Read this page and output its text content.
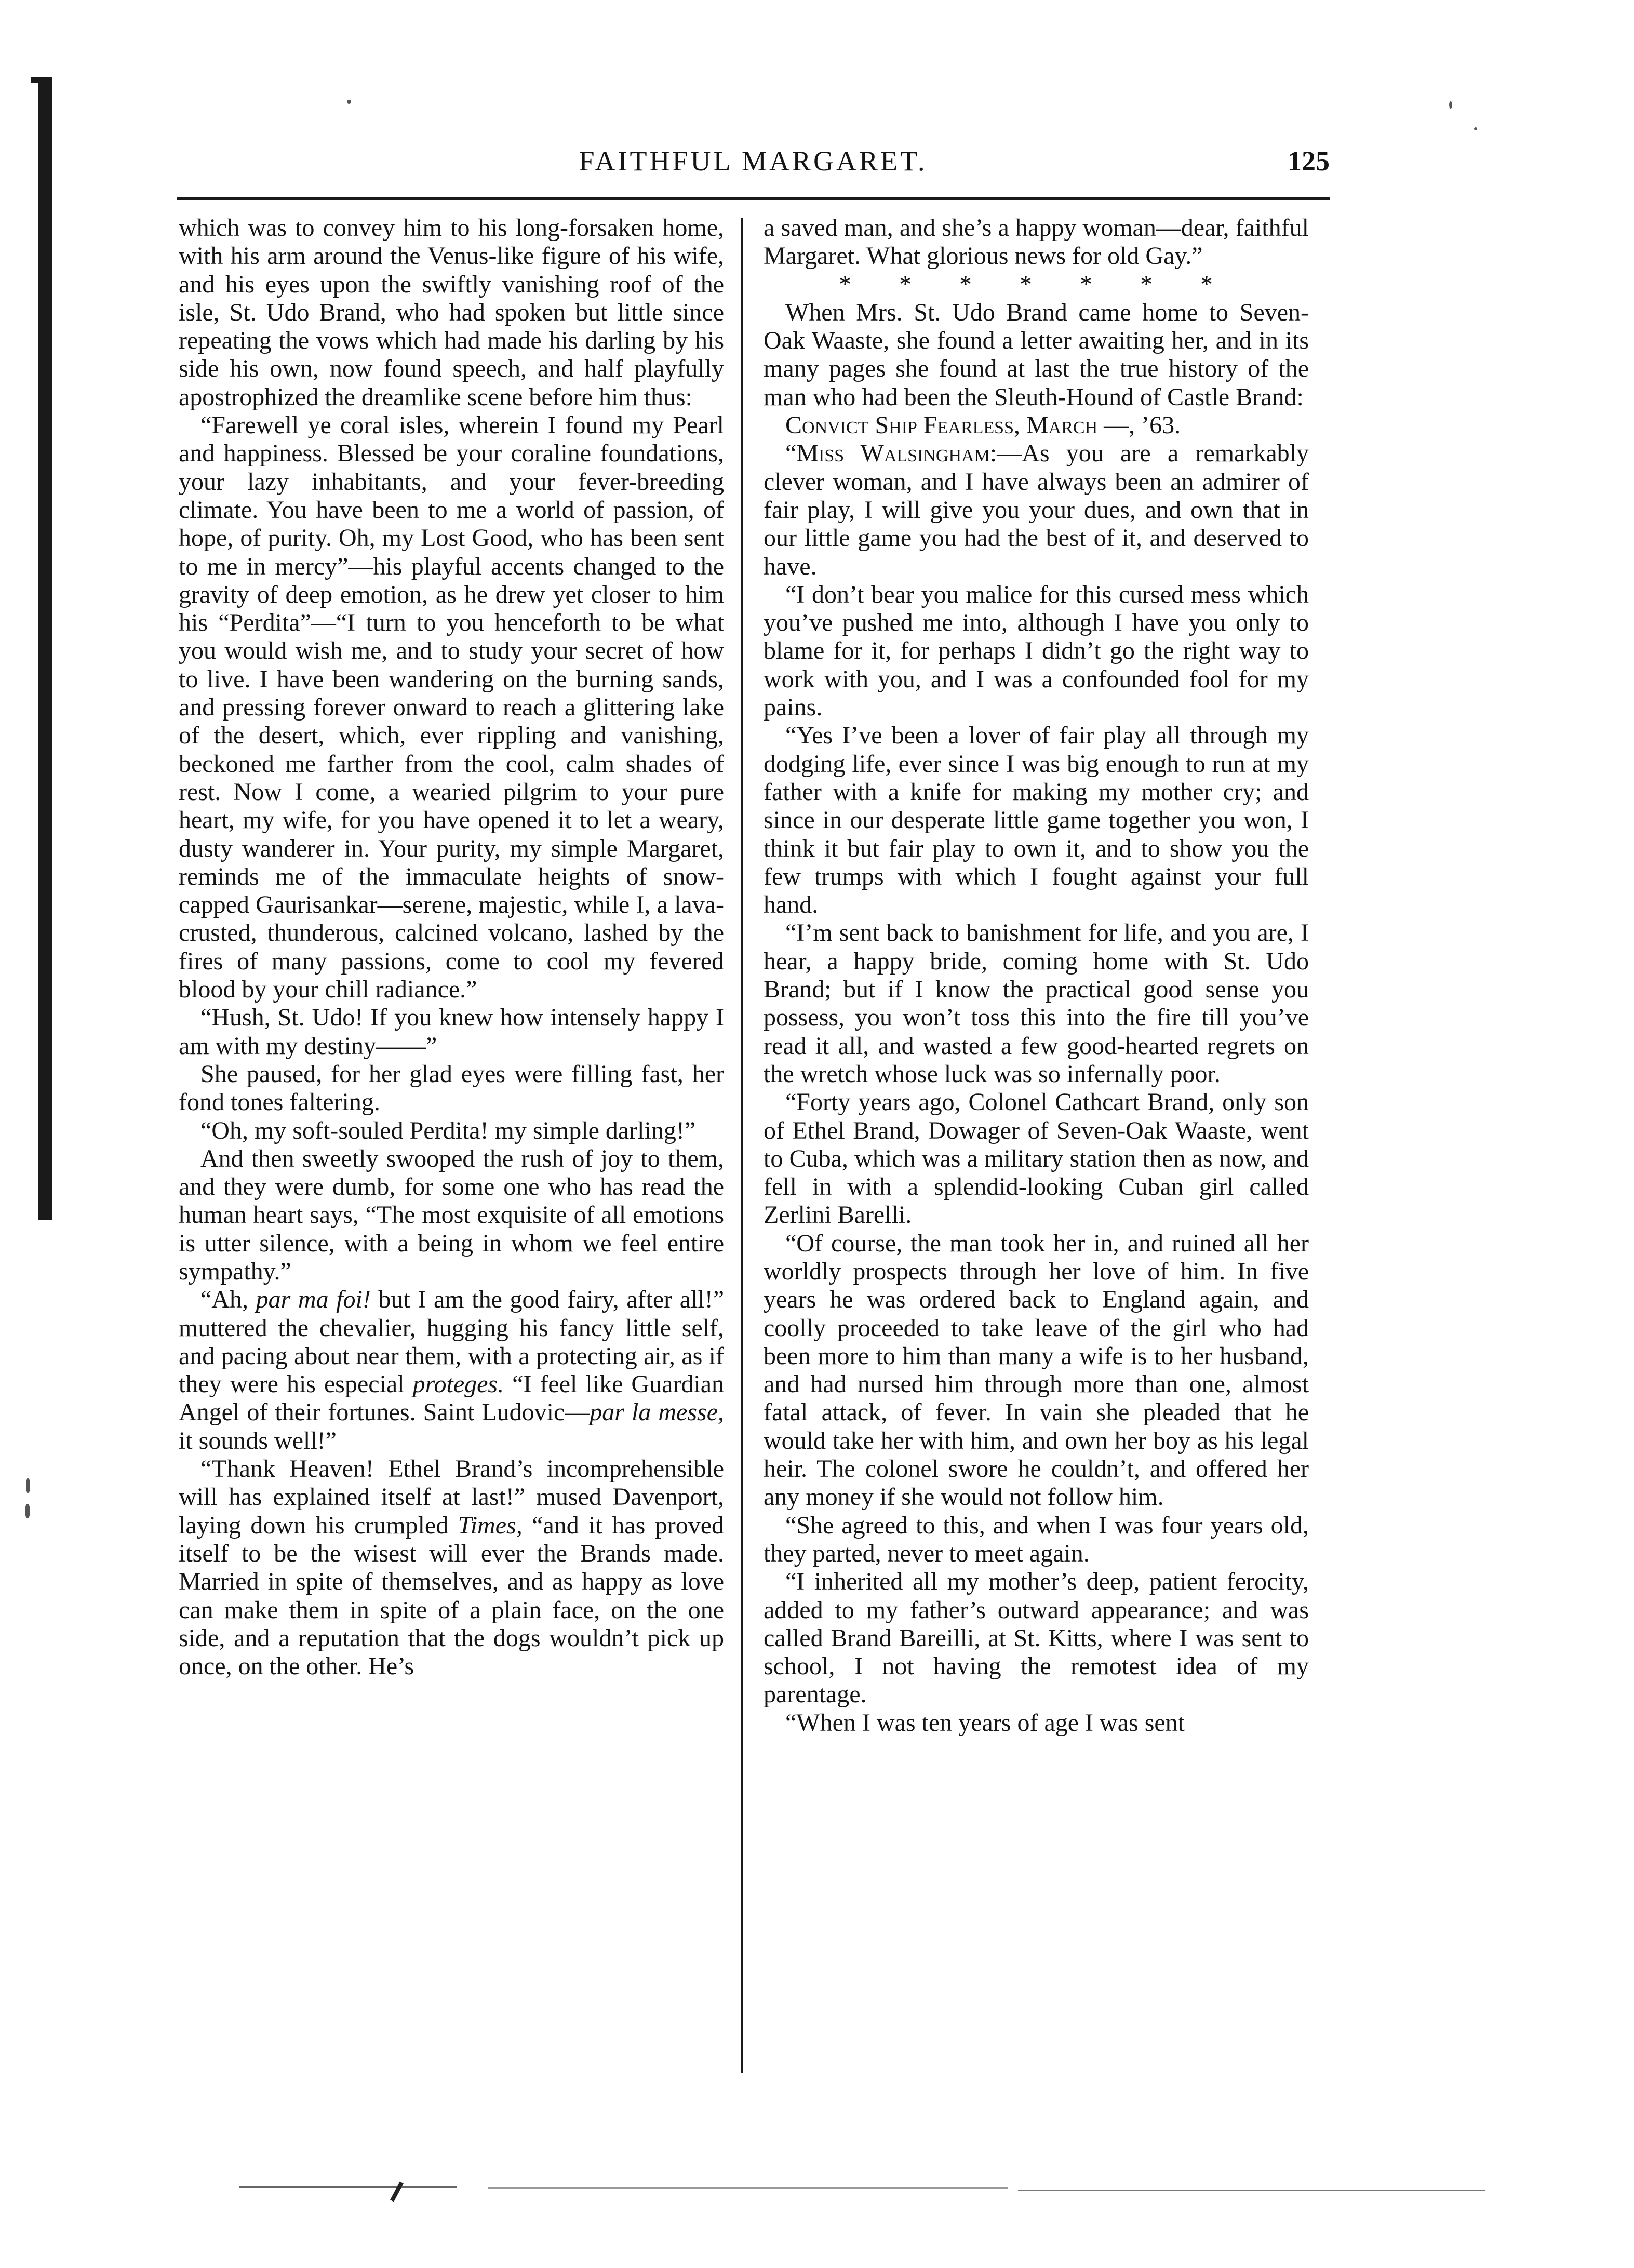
FAITHFUL MARGARET.	125

which was to convey him to his long-forsaken home, with his arm around the Venus-like figure of his wife, and his eyes upon the swiftly vanishing roof of the isle, St. Udo Brand, who had spoken but little since repeating the vows which had made his darling by his side his own, now found speech, and half playfully apostrophized the dreamlike scene before him thus:

“Farewell ye coral isles, wherein I found my Pearl and happiness. Blessed be your coraline foundations, your lazy inhabitants, and your fever-breeding climate. You have been to me a world of passion, of hope, of purity. Oh, my Lost Good, who has been sent to me in mercy”—his playful accents changed to the gravity of deep emotion, as he drew yet closer to him his “Perdita”—“I turn to you henceforth to be what you would wish me, and to study your secret of how to live. I have been wandering on the burning sands, and pressing forever onward to reach a glittering lake of the desert, which, ever rippling and vanishing, beckoned me farther from the cool, calm shades of rest. Now I come, a wearied pilgrim to your pure heart, my wife, for you have opened it to let a weary, dusty wanderer in. Your purity, my simple Margaret, reminds me of the immaculate heights of snow-capped Gaurisankar—serene, majestic, while I, a lava-crusted, thunderous, calcined volcano, lashed by the fires of many passions, come to cool my fevered blood by your chill radiance.”

“Hush, St. Udo! If you knew how intensely happy I am with my destiny——”

She paused, for her glad eyes were filling fast, her fond tones faltering.

“Oh, my soft-souled Perdita! my simple darling!”

And then sweetly swooped the rush of joy to them, and they were dumb, for some one who has read the human heart says, “The most exquisite of all emotions is utter silence, with a being in whom we feel entire sympathy.”

“Ah, par ma foi! but I am the good fairy, after all!” muttered the chevalier, hugging his fancy little self, and pacing about near them, with a protecting air, as if they were his especial proteges. “I feel like Guardian Angel of their fortunes. Saint Ludovic—par la messe, it sounds well!”

“Thank Heaven! Ethel Brand’s incomprehensible will has explained itself at last!” mused Davenport, laying down his crumpled Times, “and it has proved itself to be the wisest will ever the Brands made. Married in spite of themselves, and as happy as love can make them in spite of a plain face, on the one side, and a reputation that the dogs wouldn’t pick up once, on the other. He’s

a saved man, and she’s a happy woman—dear, faithful Margaret. What glorious news for old Gay.”

* * * * * * *

When Mrs. St. Udo Brand came home to Seven-Oak Waaste, she found a letter awaiting her, and in its many pages she found at last the true history of the man who had been the Sleuth-Hound of Castle Brand:

Convict Ship Fearless, March —, ’63.

“Miss Walsingham:—As you are a remarkably clever woman, and I have always been an admirer of fair play, I will give you your dues, and own that in our little game you had the best of it, and deserved to have.

“I don’t bear you malice for this cursed mess which you’ve pushed me into, although I have you only to blame for it, for perhaps I didn’t go the right way to work with you, and I was a confounded fool for my pains.

“Yes I’ve been a lover of fair play all through my dodging life, ever since I was big enough to run at my father with a knife for making my mother cry; and since in our desperate little game together you won, I think it but fair play to own it, and to show you the few trumps with which I fought against your full hand.

“I’m sent back to banishment for life, and you are, I hear, a happy bride, coming home with St. Udo Brand; but if I know the practical good sense you possess, you won’t toss this into the fire till you’ve read it all, and wasted a few good-hearted regrets on the wretch whose luck was so infernally poor.

“Forty years ago, Colonel Cathcart Brand, only son of Ethel Brand, Dowager of Seven-Oak Waaste, went to Cuba, which was a military station then as now, and fell in with a splendid-looking Cuban girl called Zerlini Barelli.

“Of course, the man took her in, and ruined all her worldly prospects through her love of him. In five years he was ordered back to England again, and coolly proceeded to take leave of the girl who had been more to him than many a wife is to her husband, and had nursed him through more than one, almost fatal attack, of fever. In vain she pleaded that he would take her with him, and own her boy as his legal heir. The colonel swore he couldn’t, and offered her any money if she would not follow him.

“She agreed to this, and when I was four years old, they parted, never to meet again.

“I inherited all my mother’s deep, patient ferocity, added to my father’s outward appearance; and was called Brand Bareilli, at St. Kitts, where I was sent to school, I not having the remotest idea of my parentage.

“When I was ten years of age I was sent
